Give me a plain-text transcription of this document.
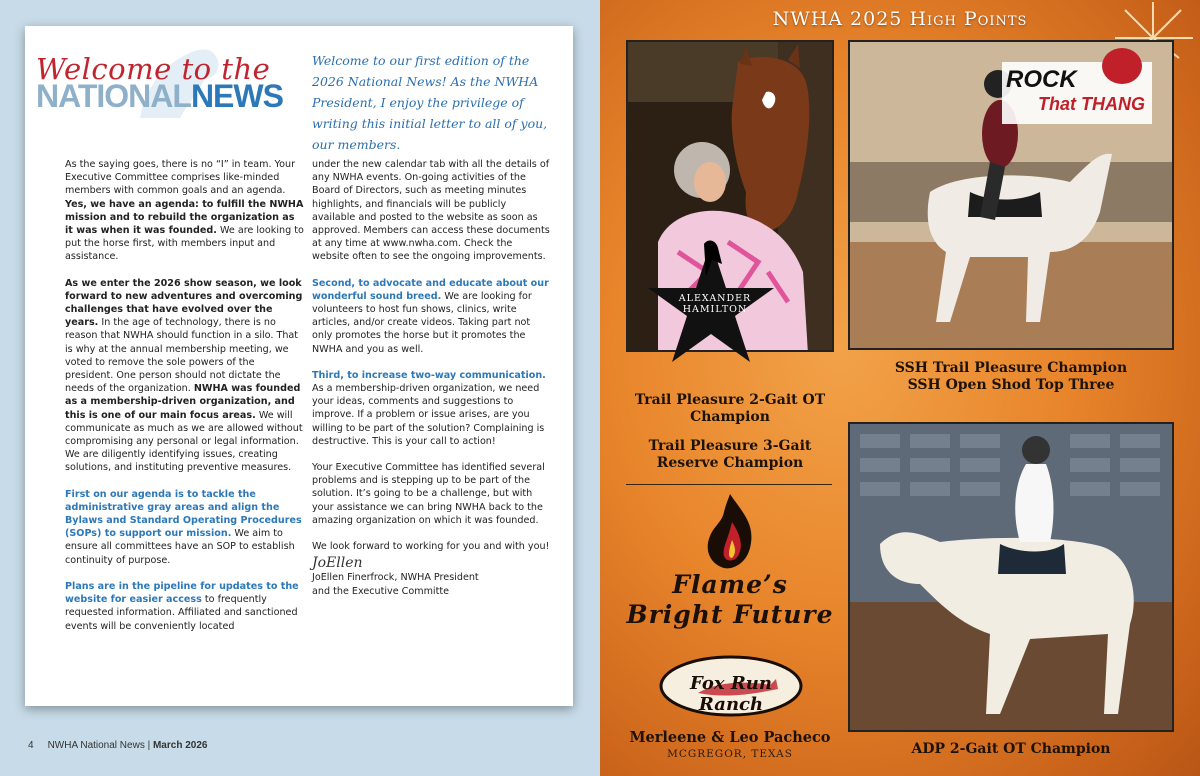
Welcome to the
NATIONALNEWS
Welcome to our first edition of the 2026 National News! As the NWHA President, I enjoy the privilege of writing this initial letter to all of you, our members.

As the saying goes, there is no “I” in team. Your Executive Committee comprises like-minded members with common goals and an agenda. Yes, we have an agenda: to fulfill the NWHA mission and to rebuild the organization as it was when it was founded. We are looking to put the horse first, with members input and assistance.

As we enter the 2026 show season, we look forward to new adventures and overcoming challenges that have evolved over the years. In the age of technology, there is no reason that NWHA should function in a silo. That is why at the annual membership meeting, we voted to remove the sole powers of the president. One person should not dictate the needs of the organization. NWHA was founded as a membership-driven organization, and this is one of our main focus areas. We will communicate as much as we are allowed without compromising any personal or legal information. We are diligently identifying issues, creating solutions, and instituting preventive measures.

First on our agenda is to tackle the administrative gray areas and align the Bylaws and Standard Operating Procedures (SOPs) to support our mission. We aim to ensure all committees have an SOP to establish continuity of purpose.

Plans are in the pipeline for updates to the website for easier access to frequently requested information. Affiliated and sanctioned events will be conveniently located

under the new calendar tab with all the details of any NWHA events. On-going activities of the Board of Directors, such as meeting minutes highlights, and financials will be publicly available and posted to the website as soon as approved. Members can access these documents at any time at www.nwha.com. Check the website often to see the ongoing improvements.

Second, to advocate and educate about our wonderful sound breed. We are looking for volunteers to host fun shows, clinics, write articles, and/or create videos. Taking part not only promotes the horse but it promotes the NWHA and you as well.

Third, to increase two-way communication. As a membership-driven organization, we need your ideas, comments and suggestions to improve. If a problem or issue arises, are you willing to be part of the solution? Complaining is destructive. This is your call to action!

Your Executive Committee has identified several problems and is stepping up to be part of the solution. It’s going to be a challenge, but with your assistance we can bring NWHA back to the amazing organization on which it was founded.

We look forward to working for you and with you!

JoEllen
JoEllen Finerfrock, NWHA President
and the Executive Committe
4 NWHA National News | March 2026
NWHA 2025 High Points
ALEXANDER
HAMILTON
ROCK
That THANG
SSH Trail Pleasure Champion
SSH Open Shod Top Three
Trail Pleasure 2-Gait OT Champion
Trail Pleasure 3-Gait Reserve Champion
Flame’s
Bright Future
Fox Run Ranch
Merleene & Leo Pacheco
MCGREGOR, TEXAS	ADP 2-Gait OT Champion
